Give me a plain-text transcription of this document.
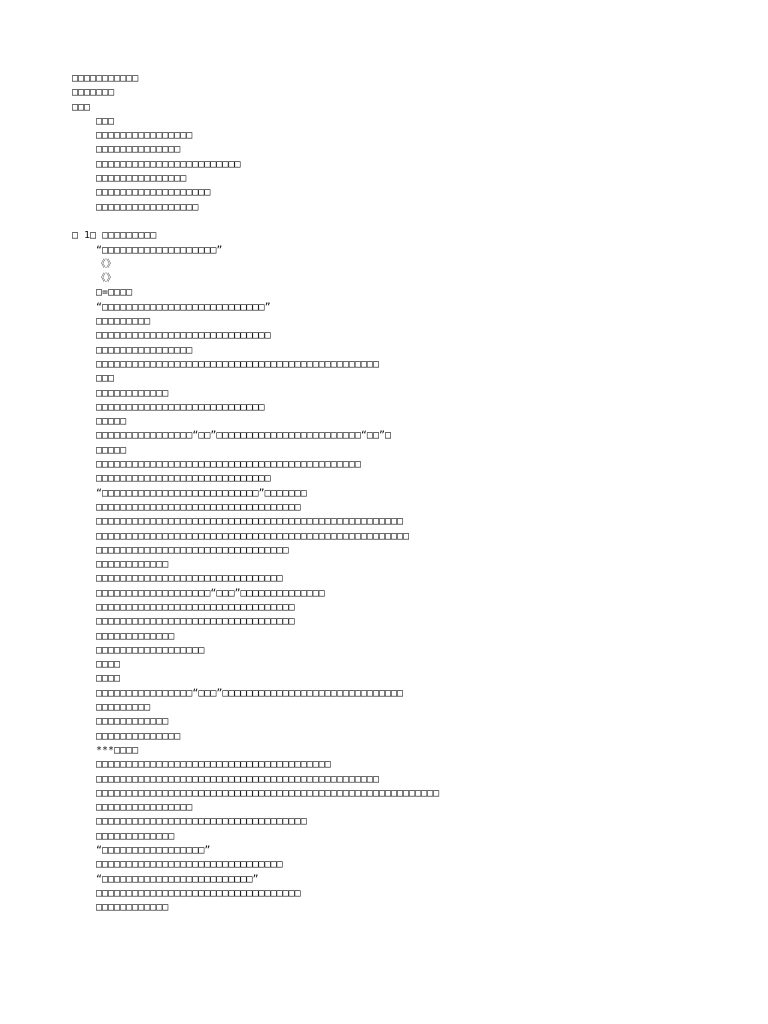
□□□□□□□□□□□
□□□□□□□
□□□
□□□
□□□□□□□□□□□□□□□□
□□□□□□□□□□□□□□
□□□□□□□□□□□□□□□□□□□□□□□□
□□□□□□□□□□□□□□□
□□□□□□□□□□□□□□□□□□□
□□□□□□□□□□□□□□□□□
□ 1□ □□□□□□□□□
“□□□□□□□□□□□□□□□□□□□”
《》
《》
□=□□□□
“□□□□□□□□□□□□□□□□□□□□□□□□□□□”
□□□□□□□□□
□□□□□□□□□□□□□□□□□□□□□□□□□□□□□
□□□□□□□□□□□□□□□□
□□□□□□□□□□□□□□□□□□□□□□□□□□□□□□□□□□□□□□□□□□□□□□□
□□□
□□□□□□□□□□□□
□□□□□□□□□□□□□□□□□□□□□□□□□□□□
□□□□□
□□□□□□□□□□□□□□□□“□□”□□□□□□□□□□□□□□□□□□□□□□□□“□□”□
□□□□□
□□□□□□□□□□□□□□□□□□□□□□□□□□□□□□□□□□□□□□□□□□□□
□□□□□□□□□□□□□□□□□□□□□□□□□□□□□
“□□□□□□□□□□□□□□□□□□□□□□□□□□”□□□□□□□
□□□□□□□□□□□□□□□□□□□□□□□□□□□□□□□□□□
□□□□□□□□□□□□□□□□□□□□□□□□□□□□□□□□□□□□□□□□□□□□□□□□□□□
□□□□□□□□□□□□□□□□□□□□□□□□□□□□□□□□□□□□□□□□□□□□□□□□□□□□
□□□□□□□□□□□□□□□□□□□□□□□□□□□□□□□□
□□□□□□□□□□□□
□□□□□□□□□□□□□□□□□□□□□□□□□□□□□□□
□□□□□□□□□□□□□□□□□□□“□□□”□□□□□□□□□□□□□□
□□□□□□□□□□□□□□□□□□□□□□□□□□□□□□□□□
□□□□□□□□□□□□□□□□□□□□□□□□□□□□□□□□□
□□□□□□□□□□□□□
□□□□□□□□□□□□□□□□□□
□□□□
□□□□
□□□□□□□□□□□□□□□□“□□□”□□□□□□□□□□□□□□□□□□□□□□□□□□□□□□
□□□□□□□□□
□□□□□□□□□□□□
□□□□□□□□□□□□□□
***□□□□
□□□□□□□□□□□□□□□□□□□□□□□□□□□□□□□□□□□□□□□
□□□□□□□□□□□□□□□□□□□□□□□□□□□□□□□□□□□□□□□□□□□□□□□
□□□□□□□□□□□□□□□□□□□□□□□□□□□□□□□□□□□□□□□□□□□□□□□□□□□□□□□□□
□□□□□□□□□□□□□□□□
□□□□□□□□□□□□□□□□□□□□□□□□□□□□□□□□□□□
□□□□□□□□□□□□□
“□□□□□□□□□□□□□□□□□”
□□□□□□□□□□□□□□□□□□□□□□□□□□□□□□□
“□□□□□□□□□□□□□□□□□□□□□□□□□”
□□□□□□□□□□□□□□□□□□□□□□□□□□□□□□□□□□
□□□□□□□□□□□□
